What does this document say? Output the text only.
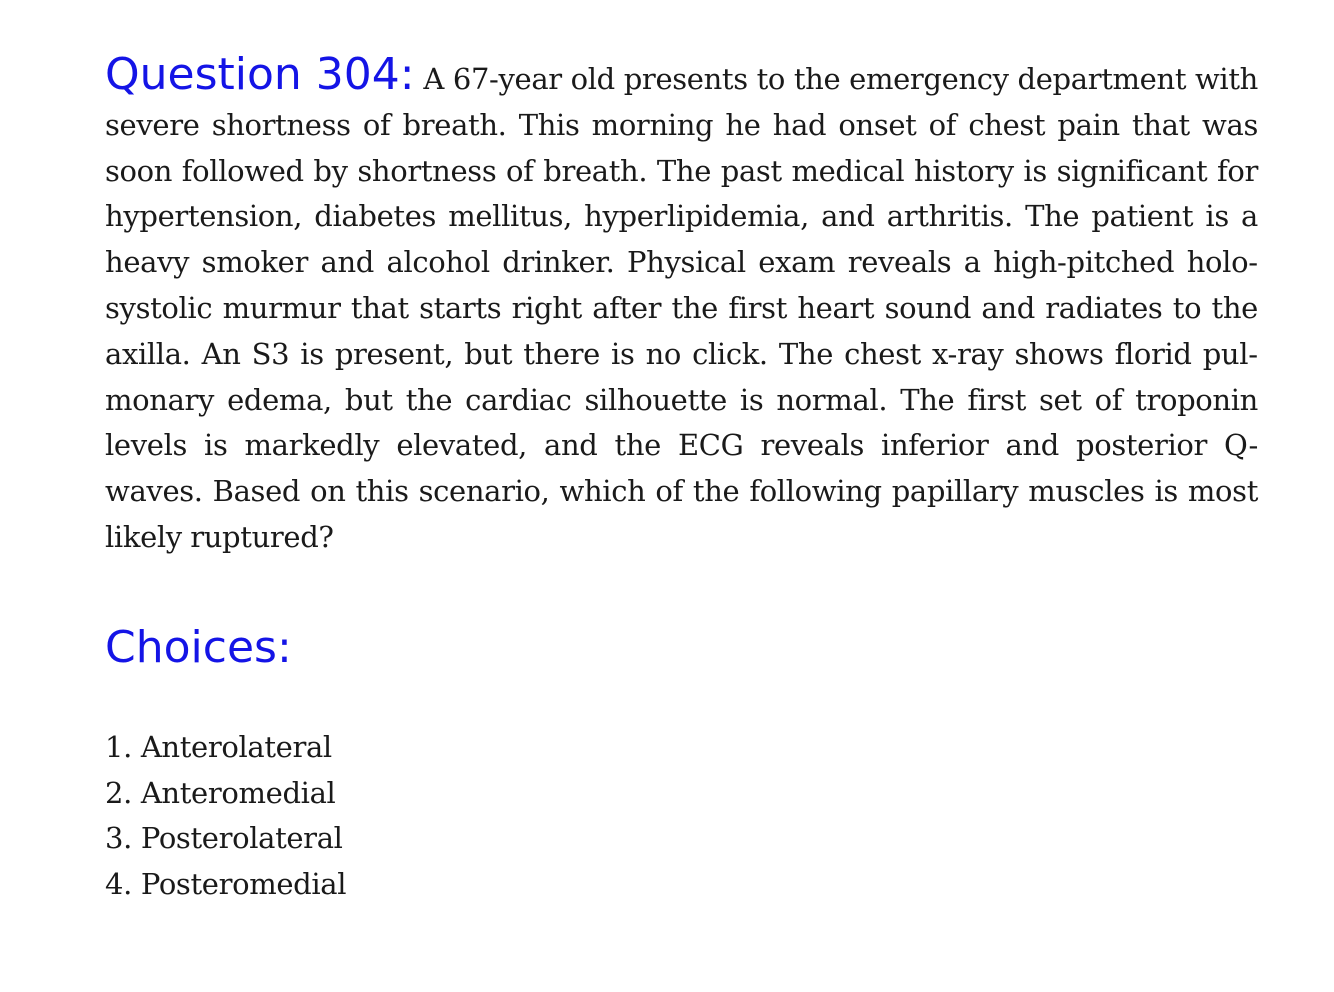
Question 304: A 67-year old presents to the emergency department with severe shortness of breath. This morning he had onset of chest pain that was soon followed by shortness of breath. The past medical history is significant for hypertension, diabetes mellitus, hyperlipidemia, and arthritis. The patient is a heavy smoker and alcohol drinker. Physical exam reveals a high-pitched holosystolic murmur that starts right after the first heart sound and radiates to the axilla. An S3 is present, but there is no click. The chest x-ray shows florid pulmonary edema, but the cardiac silhouette is normal. The first set of troponin levels is markedly elevated, and the ECG reveals inferior and posterior Q-waves. Based on this scenario, which of the following papillary muscles is most likely ruptured?

Choices:
1. Anterolateral
2. Anteromedial
3. Posterolateral
4. Posteromedial
